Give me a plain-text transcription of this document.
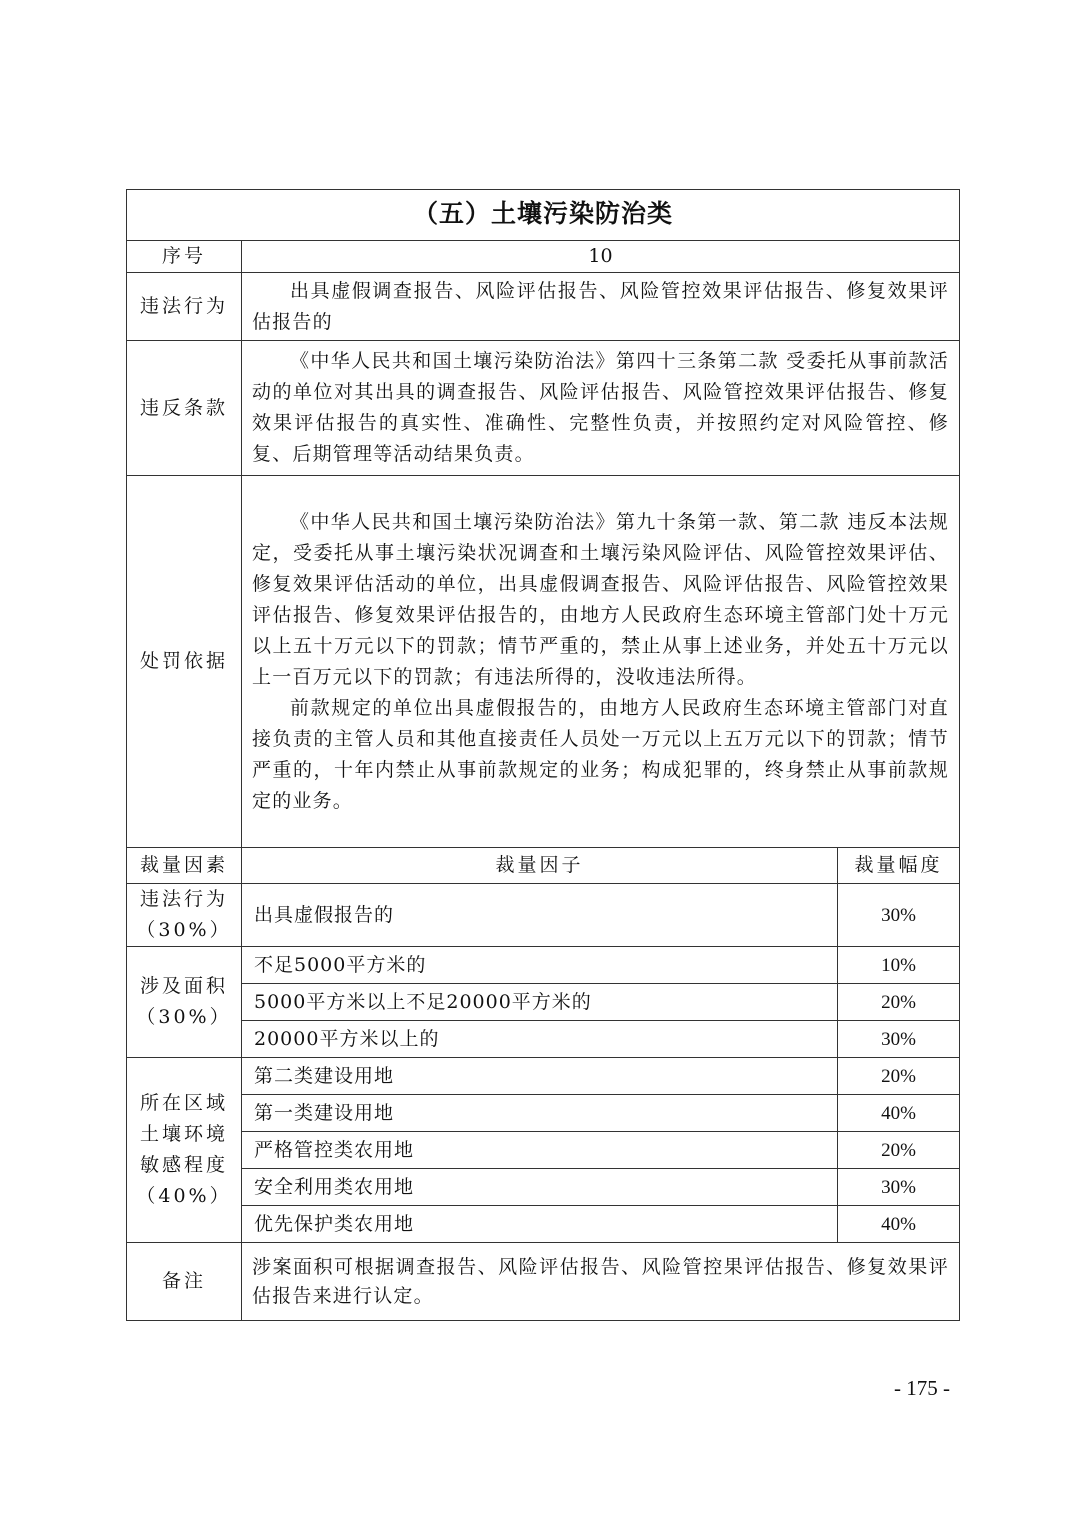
（五）土壤污染防治类		
序号	10	
违法行为	出具虚假调查报告、风险评估报告、风险管控效果评估报告、修复效果评估报告的	

违反条款	《中华人民共和国土壤污染防治法》第四十三条第二款 受委托从事前款活动的单位对其出具的调查报告、风险评估报告、风险管控效果评估报告、修复效果评估报告的真实性、准确性、完整性负责，并按照约定对风险管控、修复、后期管理等活动结果负责。	

处罚依据	《中华人民共和国土壤污染防治法》第九十条第一款、第二款 违反本法规定，受委托从事土壤污染状况调查和土壤污染风险评估、风险管控效果评估、修复效果评估活动的单位，出具虚假调查报告、风险评估报告、风险管控效果评估报告、修复效果评估报告的，由地方人民政府生态环境主管部门处十万元以上五十万元以下的罚款；情节严重的，禁止从事上述业务，并处五十万元以上一百万元以下的罚款；有违法所得的，没收违法所得。

前款规定的单位出具虚假报告的，由地方人民政府生态环境主管部门对直接负责的主管人员和其他直接责任人员处一万元以上五万元以下的罚款；情节严重的，十年内禁止从事前款规定的业务；构成犯罪的，终身禁止从事前款规定的业务。	

裁量因素	裁量因子	裁量幅度

违法行为
（30%）	出具虚假报告的	30%

涉及面积
（30%）	不足5000平方米的	10%
	5000平方米以上不足20000平方米的	20%
	20000平方米以上的	30%

所在区域
土壤环境
敏感程度
（40%）	第二类建设用地	20%
	第一类建设用地	40%
	严格管控类农用地	20%
	安全利用类农用地	30%
	优先保护类农用地	40%
备注	涉案面积可根据调查报告、风险评估报告、风险管控果评估报告、修复效果评估报告来进行认定。	
- 175 -
